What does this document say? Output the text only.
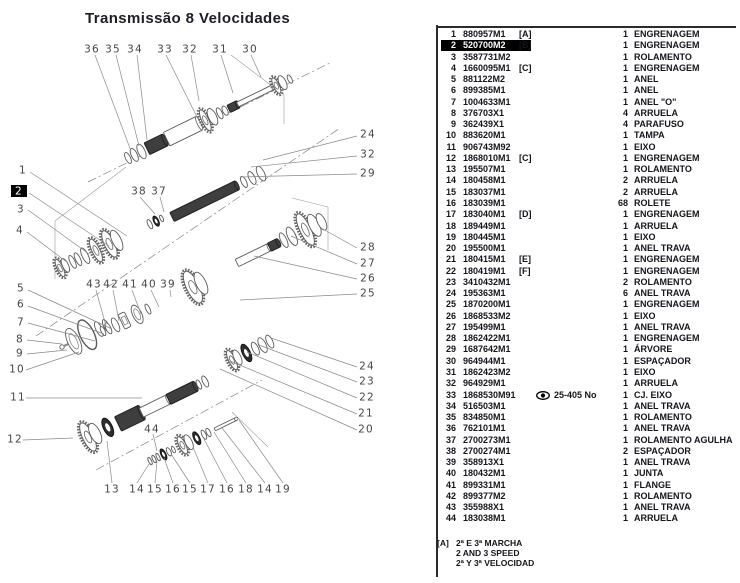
Transmissão 8 Velocidades
36 35 34 33 32 31 30
1
2
3
4
38 37
24
32
29
28
27
26
25
5
6
7
8
9
10
11
12
43 42 41 40 39
24
23
22
21
20
13 14 15 16 15 17 16 18 14 19
44
1 880957M1	[A]	1 ENGRENAGEM
2 520700M2	[B]	1 ENGRENAGEM
3 3587731M2	1 ROLAMENTO
4 1660095M1 [C]	1 ENGRENAGEM
5 881122M2	1 ANEL
6 899385M1	1 ANEL
7 1004633M1	1 ANEL "O"
8 376703X1	4 ARRUELA
9 362439X1	4 PARAFUSO
10 883620M1	1 TAMPA
11 906743M92	1 EIXO
12 1868010M1 [C]	1 ENGRENAGEM
13 195507M1	1 ROLAMENTO
14 180458M1	2 ARRUELA
15 183037M1	2 ARRUELA
16 183039M1	68 ROLETE
17 183040M1	[D]	1 ENGRENAGEM
18 189449M1	1 ARRUELA
19 180445M1	1 EIXO
20 195500M1	1 ANEL TRAVA
21 180415M1	[E]	1 ENGRENAGEM
22 180419M1	[F]	1 ENGRENAGEM
23 3410432M1	2 ROLAMENTO
24 195363M1	6 ANEL TRAVA
25 1870200M1	1 ENGRENAGEM
26 1868533M2	1 EIXO
27 195499M1	1 ANEL TRAVA
28 1862422M1	1 ENGRENAGEM
29 1687642M1	1 ÁRVORE
30 964944M1	1 ESPAÇADOR
31 1862423M2	1 EIXO
32 964929M1	1 ARRUELA
33 1868530M91	25-405 No	1 CJ. EIXO
34 516503M1	1 ANEL TRAVA
35 834850M1	1 ROLAMENTO
36 762101M1	1 ANEL TRAVA
37 2700273M1	1 ROLAMENTO AGULHA
38 2700274M1	2 ESPAÇADOR
39 358913X1	1 ANEL TRAVA
40 180432M1	1 JUNTA
41 899331M1	1 FLANGE
42 899377M2	1 ROLAMENTO
43 355988X1	1 ANEL TRAVA
44 183038M1	1 ARRUELA
[A] 2ª E 3ª MARCHA
2 AND 3 SPEED
2ª Y 3ª VELOCIDAD
